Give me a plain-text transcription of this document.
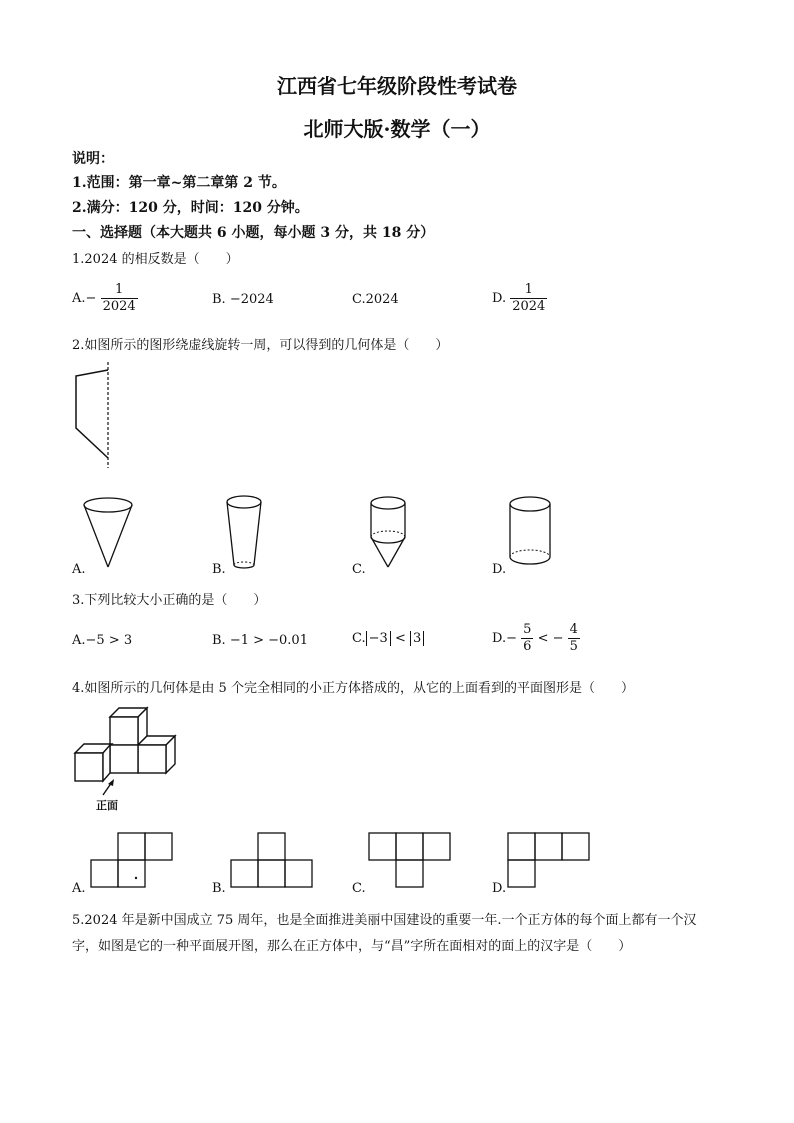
江西省七年级阶段性考试卷
北师大版·数学（一）
说明：
1.范围：第一章~第二章第 2 节。
2.满分：120 分，时间：120 分钟。
一、选择题（本大题共 6 小题，每小题 3 分，共 18 分）
1.2024 的相反数是（　　）
$A.- \frac{1}{2024}$	B. −2024	C.2024	D. $\frac{1}{2024}$
2.如图所示的图形绕虚线旋转一周，可以得到的几何体是（　　）
A.	B.	C.	D.
3.下列比较大小正确的是（　　）
A.−5 > 3	B. −1 > −0.01	C. −3 < 3	$D.- \frac{5}{6}$ < − $\frac{4}{5}$
4.如图所示的几何体是由 5 个完全相同的小正方体搭成的，从它的上面看到的平面图形是（　　）
正面
A.	B.	C.	D.
5.2024 年是新中国成立 75 周年，也是全面推进美丽中国建设的重要一年.一个正方体的每个面上都有一个汉
字，如图是它的一种平面展开图，那么在正方体中，与“昌”字所在面相对的面上的汉字是（　　）
